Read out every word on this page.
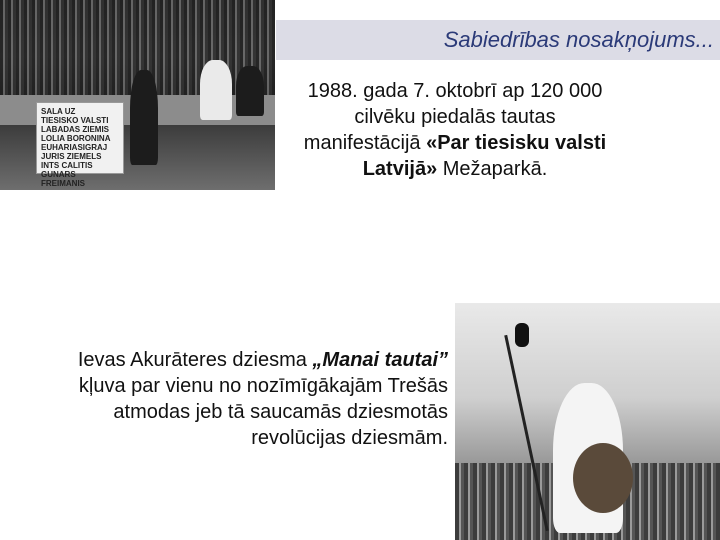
Sabiedrības nosakņojums...
SALA UZ
TIESISKO VALSTI
LABADAS ZIEMIS
LOLIA BORONINA
EUHARIASIGRAJ
JURIS ZIEMELS
INTS CALITIS
GUNARS FREIMANIS
1988. gada 7. oktobrī ap 120 000
cilvēku piedalās tautas
manifestācijā «Par tiesisku valsti
Latvijā» Mežaparkā.
Ievas Akurāteres dziesma „Manai tautai”
kļuva par vienu no nozīmīgākajām Trešās
atmodas jeb tā saucamās dziesmotās
revolūcijas dziesmām.
